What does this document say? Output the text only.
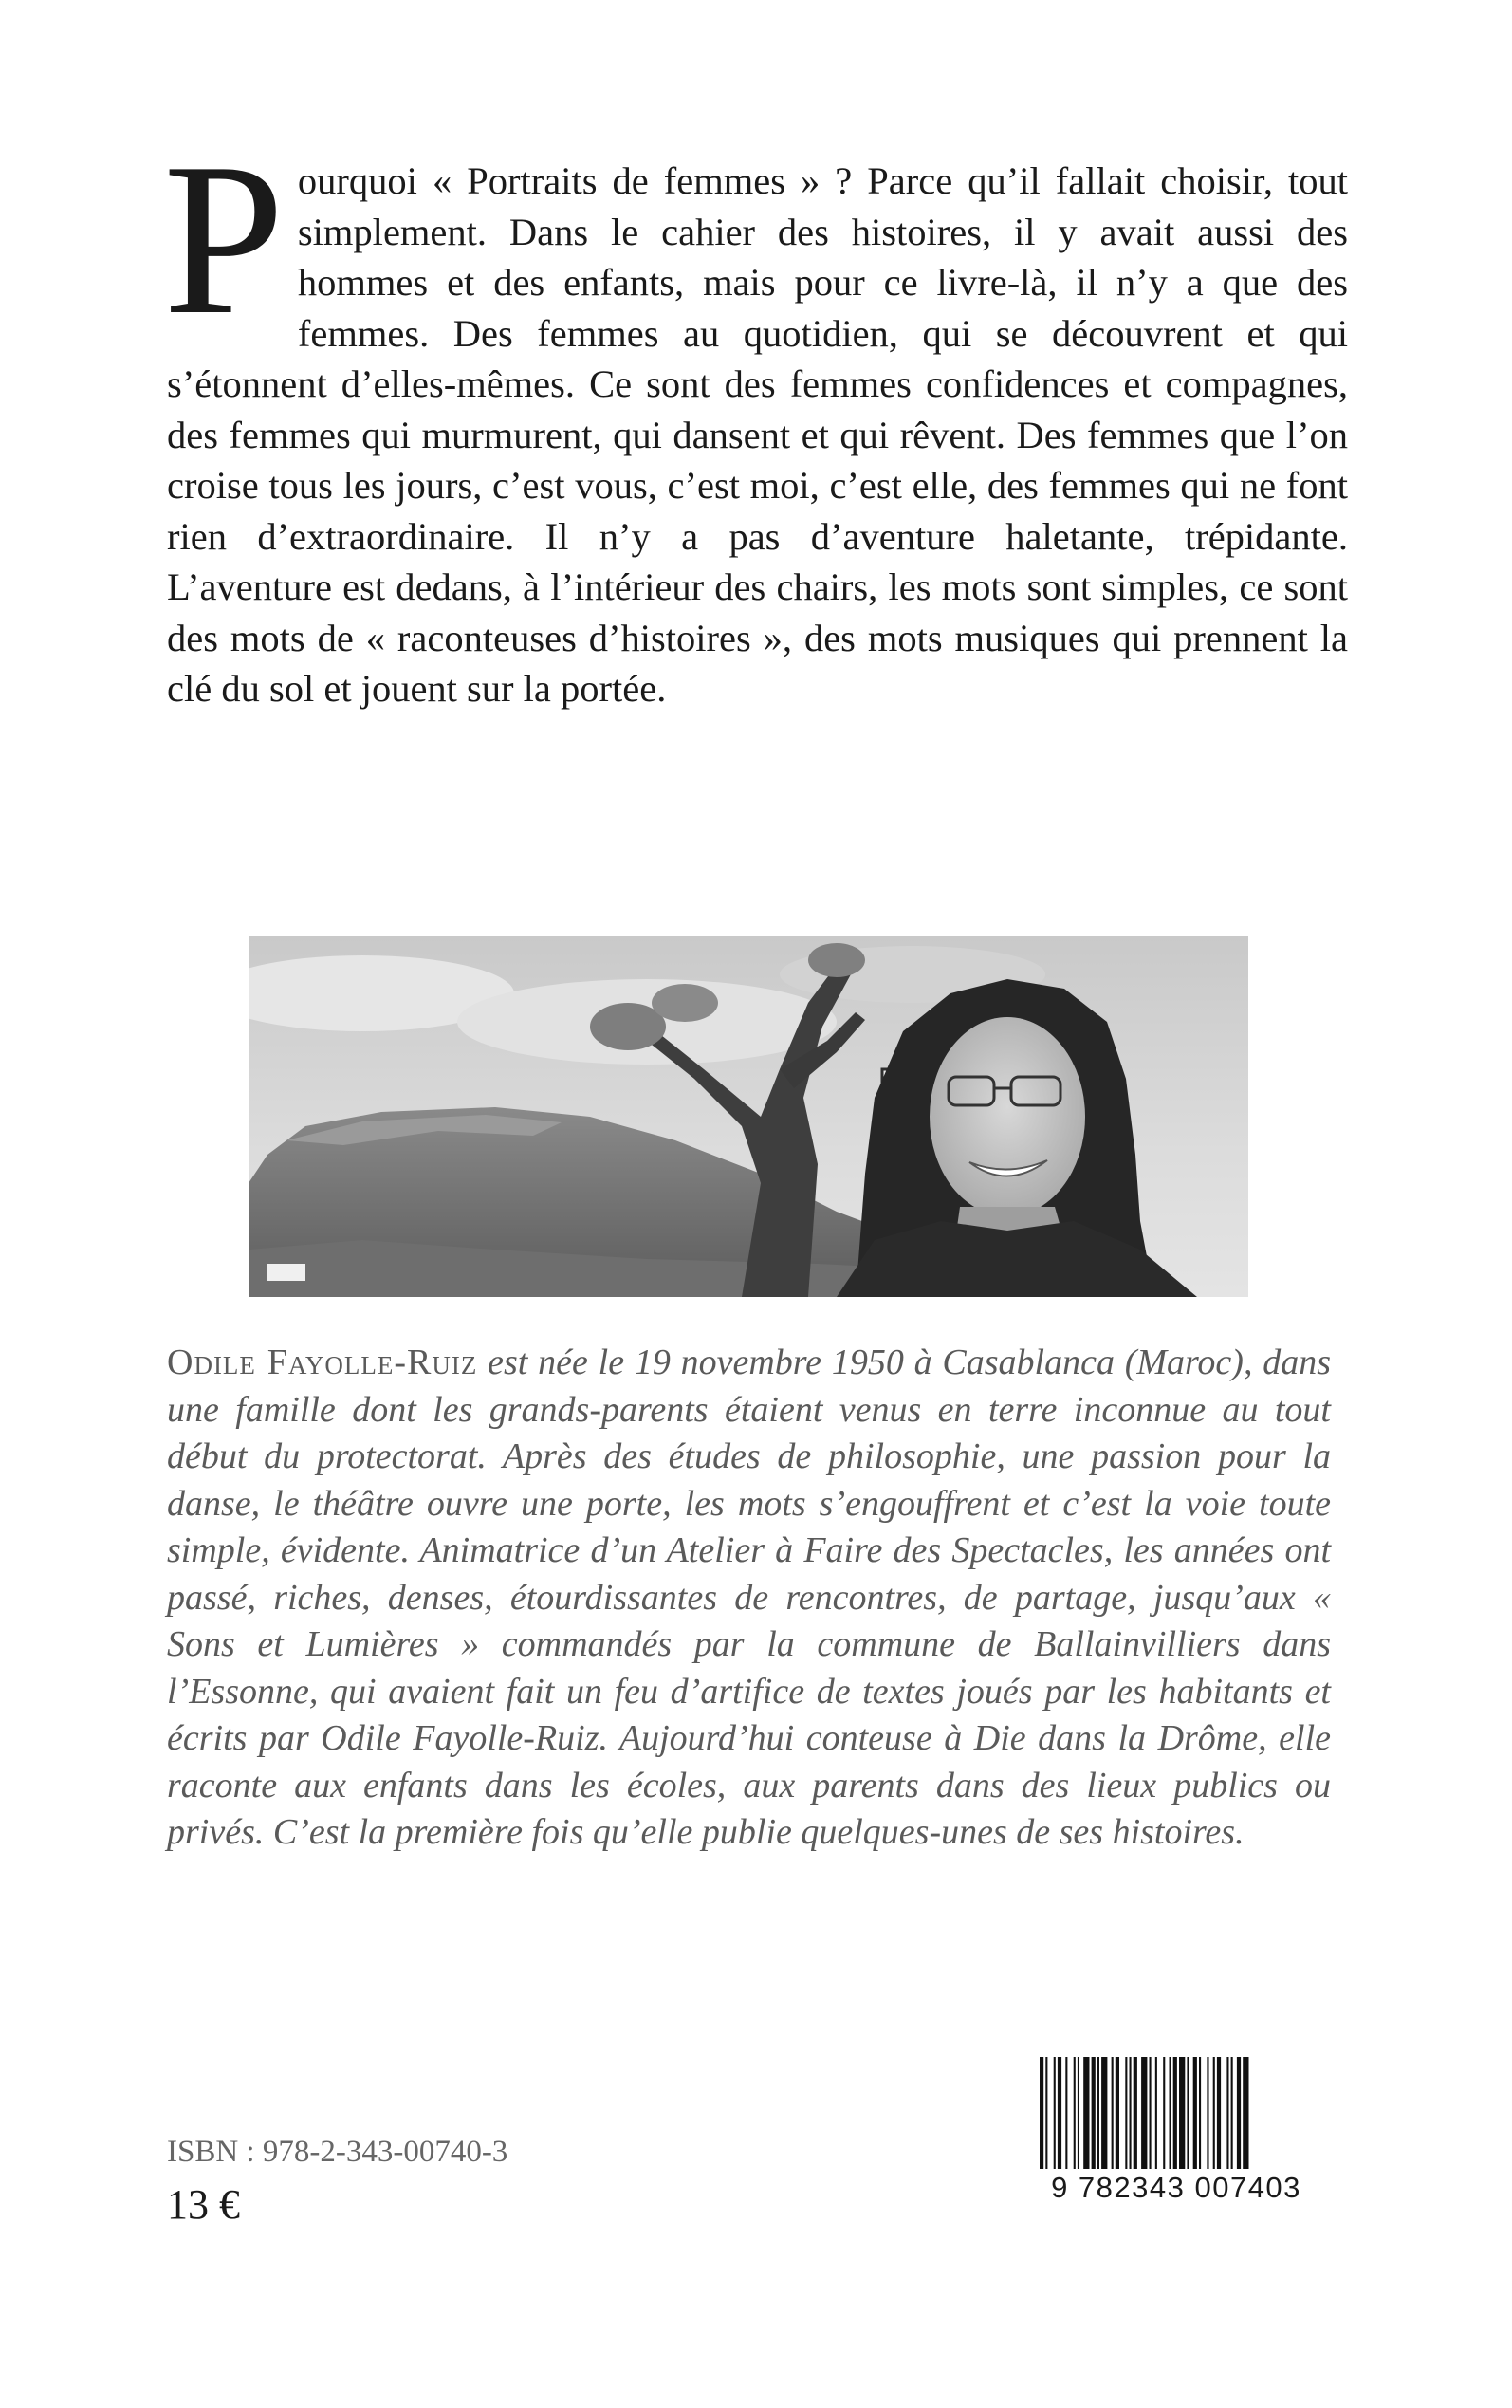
Pourquoi « Portraits de femmes » ? Parce qu’il fallait choisir, tout simplement. Dans le cahier des histoires, il y avait aussi des hommes et des enfants, mais pour ce livre-là, il n’y a que des femmes. Des femmes au quotidien, qui se découvrent et qui s’étonnent d’elles-mêmes. Ce sont des femmes confidences et compagnes, des femmes qui murmurent, qui dansent et qui rêvent. Des femmes que l’on croise tous les jours, c’est vous, c’est moi, c’est elle, des femmes qui ne font rien d’extraordinaire. Il n’y a pas d’aventure haletante, trépidante. L’aventure est dedans, à l’intérieur des chairs, les mots sont simples, ce sont des mots de « raconteuses d’histoires », des mots musiques qui prennent la clé du sol et jouent sur la portée.
Odile Fayolle-Ruiz est née le 19 novembre 1950 à Casablanca (Maroc), dans une famille dont les grands-parents étaient venus en terre inconnue au tout début du protectorat. Après des études de philosophie, une passion pour la danse, le théâtre ouvre une porte, les mots s’engouffrent et c’est la voie toute simple, évidente. Animatrice d’un Atelier à Faire des Spectacles, les années ont passé, riches, denses, étourdissantes de rencontres, de partage, jusqu’aux « Sons et Lumières » commandés par la commune de Ballainvilliers dans l’Essonne, qui avaient fait un feu d’artifice de textes joués par les habitants et écrits par Odile Fayolle-Ruiz. Aujourd’hui conteuse à Die dans la Drôme, elle raconte aux enfants dans les écoles, aux parents dans des lieux publics ou privés. C’est la première fois qu’elle publie quelques-unes de ses histoires.
ISBN : 978-2-343-00740-3
13 €	9 782343 007403
